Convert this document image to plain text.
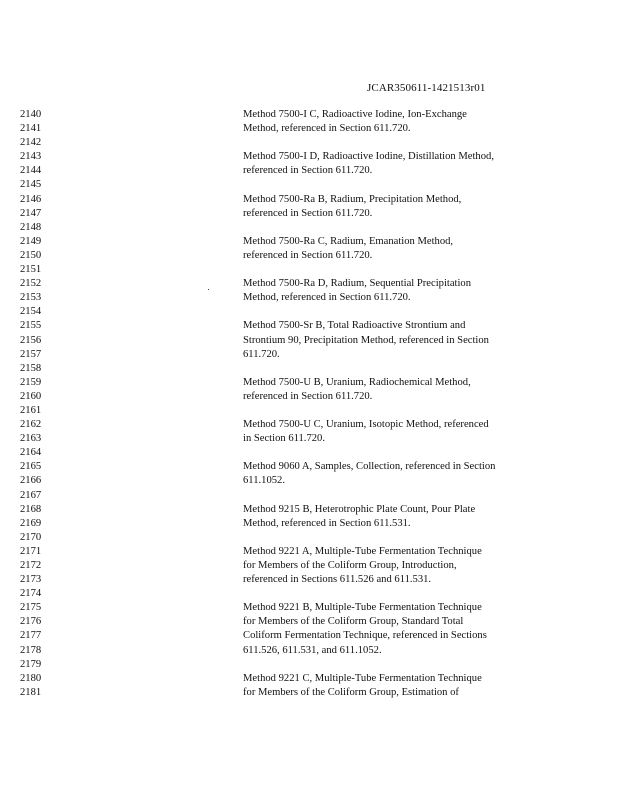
JCAR350611-1421513r01
2140	Method 7500-I C, Radioactive Iodine, Ion-Exchange
2141	Method, referenced in Section 611.720.
2142
2143	Method 7500-I D, Radioactive Iodine, Distillation Method,
2144	referenced in Section 611.720.
2145
2146	Method 7500-Ra B, Radium, Precipitation Method,
2147	referenced in Section 611.720.
2148
2149	Method 7500-Ra C, Radium, Emanation Method,
2150	referenced in Section 611.720.
2151
2152	Method 7500-Ra D, Radium, Sequential Precipitation
2153	Method, referenced in Section 611.720.
2154
2155	Method 7500-Sr B, Total Radioactive Strontium and
2156	Strontium 90, Precipitation Method, referenced in Section
2157	611.720.
2158
2159	Method 7500-U B, Uranium, Radiochemical Method,
2160	referenced in Section 611.720.
2161
2162	Method 7500-U C, Uranium, Isotopic Method, referenced
2163	in Section 611.720.
2164
2165	Method 9060 A, Samples, Collection, referenced in Section
2166	611.1052.
2167
2168	Method 9215 B, Heterotrophic Plate Count, Pour Plate
2169	Method, referenced in Section 611.531.
2170
2171	Method 9221 A, Multiple-Tube Fermentation Technique
2172	for Members of the Coliform Group, Introduction,
2173	referenced in Sections 611.526 and 611.531.
2174
2175	Method 9221 B, Multiple-Tube Fermentation Technique
2176	for Members of the Coliform Group, Standard Total
2177	Coliform Fermentation Technique, referenced in Sections
2178	611.526, 611.531, and 611.1052.
2179
2180	Method 9221 C, Multiple-Tube Fermentation Technique
2181	for Members of the Coliform Group, Estimation of
